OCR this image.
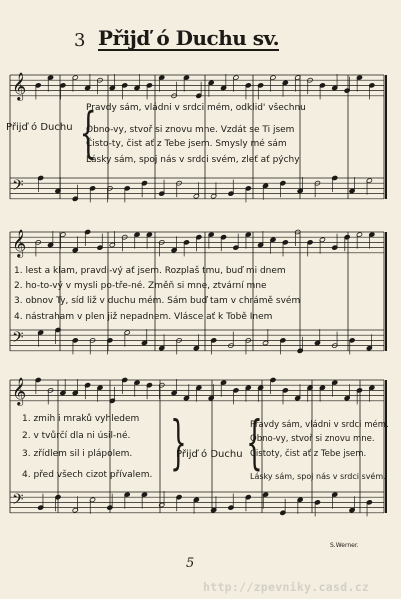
3 Přijď ó Duchu sv.
𝄞
𝄢
𝄞
𝄢
𝄞
𝄢
Přijď ó Duchu {
Pravdy sám, vládni v srdci mém, odklid' všechnu
Obno-vy, stvoř si znovu mne. Vzdát se Ti jsem
Čisto-ty, čist ať z Tebe jsem. Smysly mé sám
Lásky sám, spoj nás v srdci svém, zleť ať pýchy
1. lest a klam, pravdi-vý ať jsem. Rozplaš tmu, buď mi dnem
2. ho-to-vý v mysli po-tře-né. Změň si mne, ztvární mne
3. obnov Ty, síd liž v duchu mém. Sám buď tam v chrámě svém
4. nástraham v plen již nepadnem. Vlásce ať k Tobě Inem
1. zmih i mraků vyhledem
2. v tvůrčí dla ni úsil-né.
3. zřídlem sil i plápolem.
4. před všech cizot přívalem. }
Přijď ó Duchu {
Pravdy sám, vládni v srdci mém.
Obno-vy, stvoř si znovu mne.
Čistoty, čist ať z Tebe jsem.
Lásky sám, spoj nás v srdci svém.
S.Werner.
5
http://zpevniky.casd.cz
